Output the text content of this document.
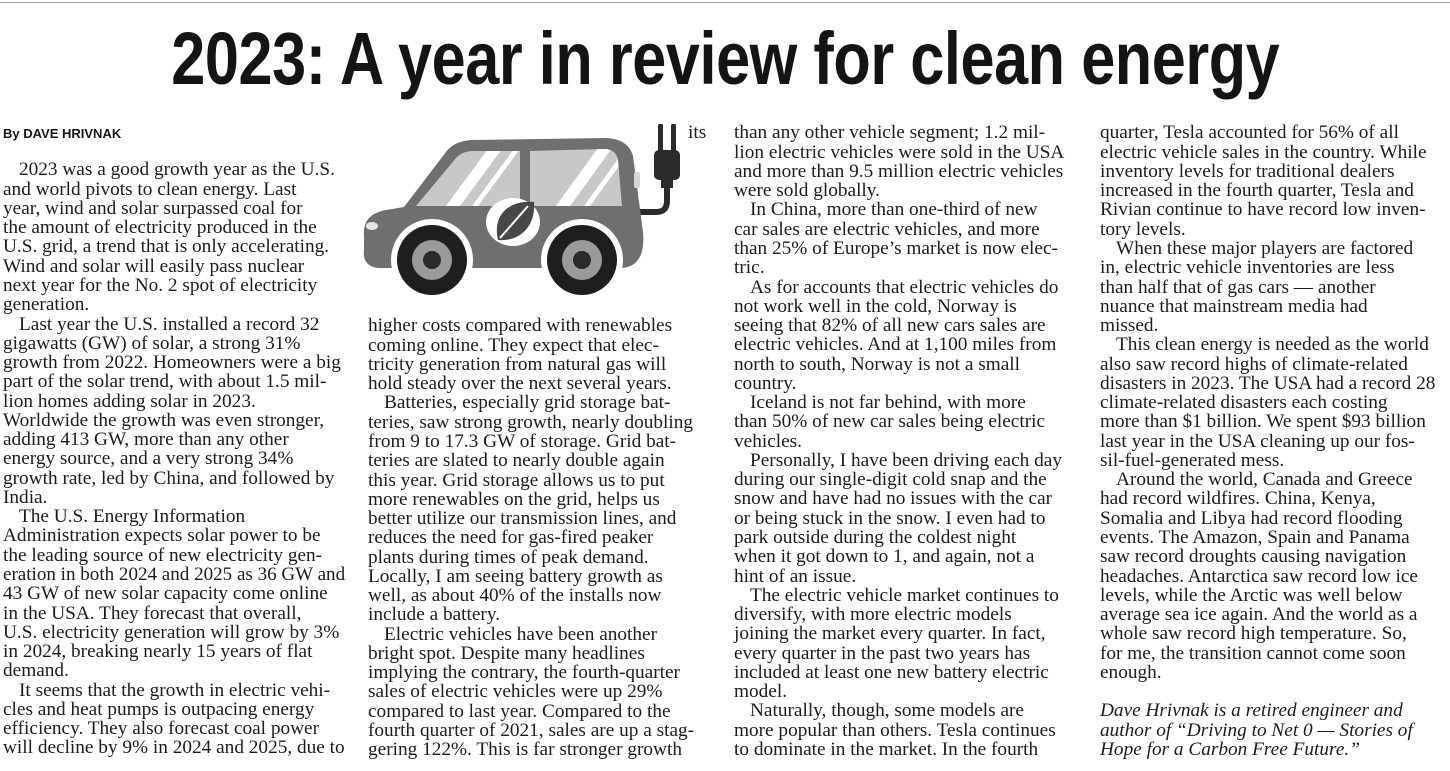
2023: A year in review for clean energy
By DAVE HRIVNAK
2023 was a good growth year as the U.S.
and world pivots to clean energy. Last
year, wind and solar surpassed coal for
the amount of electricity produced in the
U.S. grid, a trend that is only accelerating.
Wind and solar will easily pass nuclear
next year for the No. 2 spot of electricity
generation.
Last year the U.S. installed a record 32
gigawatts (GW) of solar, a strong 31%
growth from 2022. Homeowners were a big
part of the solar trend, with about 1.5 mil-
lion homes adding solar in 2023.
Worldwide the growth was even stronger,
adding 413 GW, more than any other
energy source, and a very strong 34%
growth rate, led by China, and followed by
India.
The U.S. Energy Information
Administration expects solar power to be
the leading source of new electricity gen-
eration in both 2024 and 2025 as 36 GW and
43 GW of new solar capacity come online
in the USA. They forecast that overall,
U.S. electricity generation will grow by 3%
in 2024, breaking nearly 15 years of flat
demand.
It seems that the growth in electric vehi-
cles and heat pumps is outpacing energy
efficiency. They also forecast coal power
will decline by 9% in 2024 and 2025, due to
its
higher costs compared with renewables
coming online. They expect that elec-
tricity generation from natural gas will
hold steady over the next several years.
Batteries, especially grid storage bat-
teries, saw strong growth, nearly doubling
from 9 to 17.3 GW of storage. Grid bat-
teries are slated to nearly double again
this year. Grid storage allows us to put
more renewables on the grid, helps us
better utilize our transmission lines, and
reduces the need for gas-fired peaker
plants during times of peak demand.
Locally, I am seeing battery growth as
well, as about 40% of the installs now
include a battery.
Electric vehicles have been another
bright spot. Despite many headlines
implying the contrary, the fourth-quarter
sales of electric vehicles were up 29%
compared to last year. Compared to the
fourth quarter of 2021, sales are up a stag-
gering 122%. This is far stronger growth
than any other vehicle segment; 1.2 mil-
lion electric vehicles were sold in the USA
and more than 9.5 million electric vehicles
were sold globally.
In China, more than one-third of new
car sales are electric vehicles, and more
than 25% of Europe’s market is now elec-
tric.
As for accounts that electric vehicles do
not work well in the cold, Norway is
seeing that 82% of all new cars sales are
electric vehicles. And at 1,100 miles from
north to south, Norway is not a small
country.
Iceland is not far behind, with more
than 50% of new car sales being electric
vehicles.
Personally, I have been driving each day
during our single-digit cold snap and the
snow and have had no issues with the car
or being stuck in the snow. I even had to
park outside during the coldest night
when it got down to 1, and again, not a
hint of an issue.
The electric vehicle market continues to
diversify, with more electric models
joining the market every quarter. In fact,
every quarter in the past two years has
included at least one new battery electric
model.
Naturally, though, some models are
more popular than others. Tesla continues
to dominate in the market. In the fourth
quarter, Tesla accounted for 56% of all
electric vehicle sales in the country. While
inventory levels for traditional dealers
increased in the fourth quarter, Tesla and
Rivian continue to have record low inven-
tory levels.
When these major players are factored
in, electric vehicle inventories are less
than half that of gas cars — another
nuance that mainstream media had
missed.
This clean energy is needed as the world
also saw record highs of climate-related
disasters in 2023. The USA had a record 28
climate-related disasters each costing
more than $1 billion. We spent $93 billion
last year in the USA cleaning up our fos-
sil-fuel-generated mess.
Around the world, Canada and Greece
had record wildfires. China, Kenya,
Somalia and Libya had record flooding
events. The Amazon, Spain and Panama
saw record droughts causing navigation
headaches. Antarctica saw record low ice
levels, while the Arctic was well below
average sea ice again. And the world as a
whole saw record high temperature. So,
for me, the transition cannot come soon
enough.
Dave Hrivnak is a retired engineer and
author of “Driving to Net 0 — Stories of
Hope for a Carbon Free Future.”
